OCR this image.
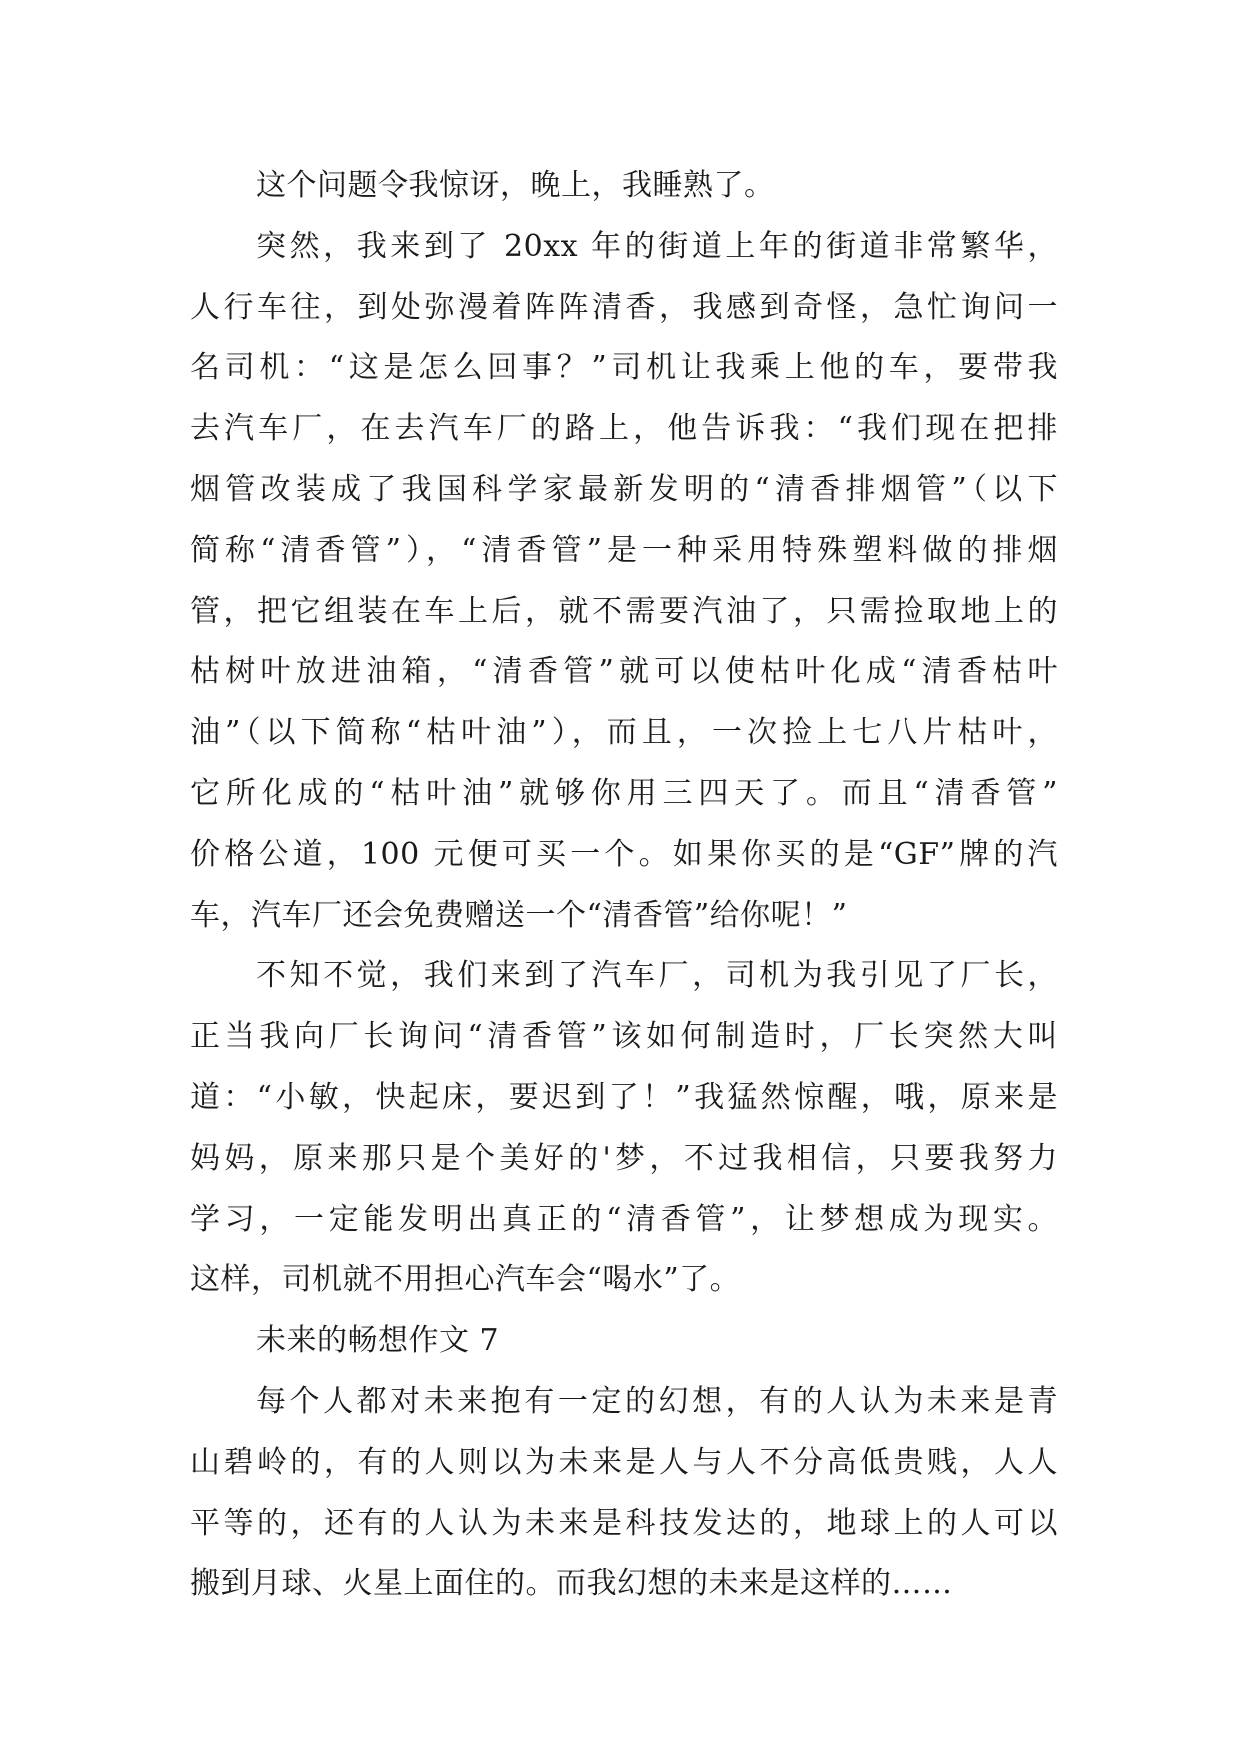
这个问题令我惊讶，晚上，我睡熟了。
突然，我来到了 20xx 年的街道上年的街道非常繁华，
人行车往，到处弥漫着阵阵清香，我感到奇怪，急忙询问一
名司机：“这是怎么回事？”司机让我乘上他的车，要带我
去汽车厂，在去汽车厂的路上，他告诉我：“我们现在把排
烟管改装成了我国科学家最新发明的“清香排烟管”（以下
简称“清香管”），“清香管”是一种采用特殊塑料做的排烟
管，把它组装在车上后，就不需要汽油了，只需捡取地上的
枯树叶放进油箱，“清香管”就可以使枯叶化成“清香枯叶
油”（以下简称“枯叶油”），而且，一次捡上七八片枯叶，
它所化成的“枯叶油”就够你用三四天了。而且“清香管”
价格公道，100 元便可买一个。如果你买的是“GF”牌的汽
车，汽车厂还会免费赠送一个“清香管”给你呢！”
不知不觉，我们来到了汽车厂，司机为我引见了厂长，
正当我向厂长询问“清香管”该如何制造时，厂长突然大叫
道：“小敏，快起床，要迟到了！”我猛然惊醒，哦，原来是
妈妈，原来那只是个美好的'梦，不过我相信，只要我努力
学习，一定能发明出真正的“清香管”，让梦想成为现实。
这样，司机就不用担心汽车会“喝水”了。
未来的畅想作文 7
每个人都对未来抱有一定的幻想，有的人认为未来是青
山碧岭的，有的人则以为未来是人与人不分高低贵贱，人人
平等的，还有的人认为未来是科技发达的，地球上的人可以
搬到月球、火星上面住的。而我幻想的未来是这样的……
